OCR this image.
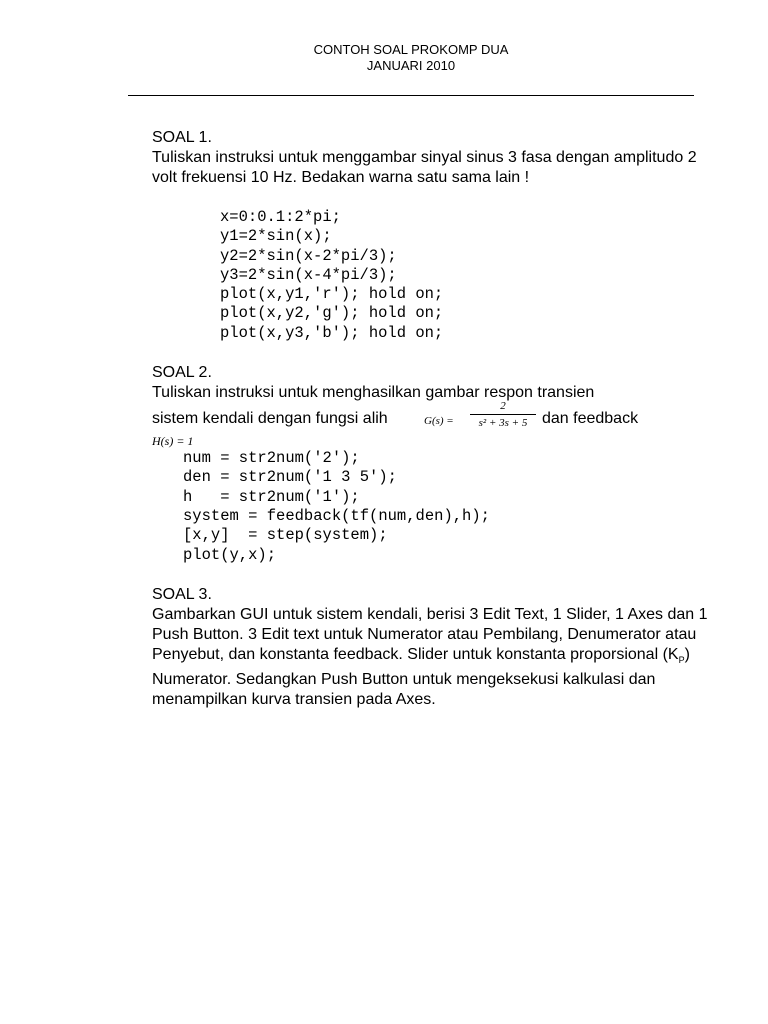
CONTOH SOAL PROKOMP DUA
JANUARI 2010

SOAL 1.

Tuliskan instruksi untuk menggambar sinyal sinus 3 fasa dengan amplitudo 2 volt frekuensi 10 Hz. Bedakan warna satu sama lain !

x=0:0.1:2*pi;
y1=2*sin(x);
y2=2*sin(x-2*pi/3);
y3=2*sin(x-4*pi/3);
plot(x,y1,'r'); hold on;
plot(x,y2,'g'); hold on;
plot(x,y3,'b'); hold on;

SOAL 2.

Tuliskan instruksi untuk menghasilkan gambar respon transien

sistem kendali dengan fungsi alih	G(s) =
2
s² + 3s + 5 dan feedback

H(s) = 1

num = str2num('2');
den = str2num('1 3 5');
h   = str2num('1');
system = feedback(tf(num,den),h);
[x,y]  = step(system);
plot(y,x);

SOAL 3.

Gambarkan GUI untuk sistem kendali, berisi 3 Edit Text, 1 Slider, 1 Axes dan 1 Push Button. 3 Edit text untuk Numerator atau Pembilang, Denumerator atau Penyebut, dan konstanta feedback. Slider untuk konstanta proporsional $(K_P)$ Numerator. Sedangkan Push Button untuk mengeksekusi kalkulasi dan menampilkan kurva transien pada Axes.
